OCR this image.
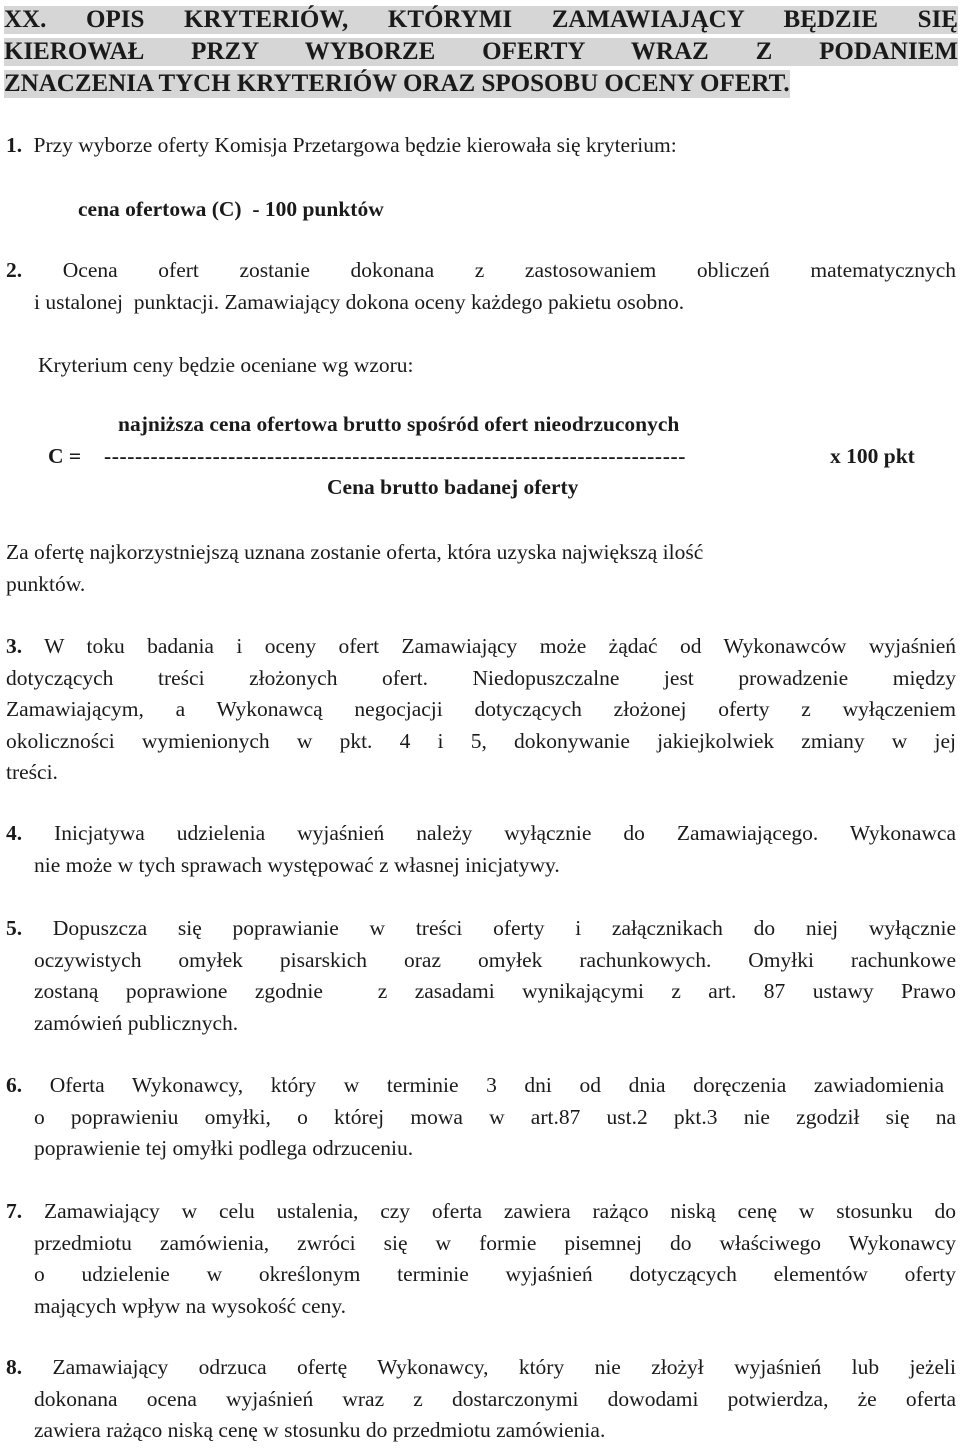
XX. OPIS KRYTERIÓW, KTÓRYMI ZAMAWIAJĄCY BĘDZIE SIĘ
KIEROWAŁ PRZY WYBORZE OFERTY WRAZ Z PODANIEM
ZNACZENIA TYCH KRYTERIÓW ORAZ SPOSOBU OCENY OFERT.
1. Przy wyborze oferty Komisja Przetargowa będzie kierowała się kryterium:
cena ofertowa (C)  - 100 punktów
2. Ocena ofert zostanie dokonana z zastosowaniem obliczeń matematycznych
i ustalonej  punktacji. Zamawiający dokona oceny każdego pakietu osobno.
Kryterium ceny będzie oceniane wg wzoru:
najniższa cena ofertowa brutto spośród ofert nieodrzuconych
C = ---------------------------------------------------------------------------	x 100 pkt
Cena brutto badanej oferty
Za ofertę najkorzystniejszą uznana zostanie oferta, która uzyska największą ilość
punktów.
3. W toku badania i oceny ofert Zamawiający może żądać od Wykonawców wyjaśnień
dotyczących treści złożonych ofert. Niedopuszczalne jest prowadzenie między
Zamawiającym, a Wykonawcą negocjacji dotyczących złożonej oferty z wyłączeniem
okoliczności wymienionych w pkt. 4 i 5, dokonywanie jakiejkolwiek zmiany w jej
treści.
4. Inicjatywa udzielenia wyjaśnień należy wyłącznie do Zamawiającego. Wykonawca
nie może w tych sprawach występować z własnej inicjatywy.
5. Dopuszcza się poprawianie w treści oferty i załącznikach do niej wyłącznie
oczywistych omyłek pisarskich oraz omyłek rachunkowych. Omyłki rachunkowe
zostaną poprawione zgodnie  z zasadami wynikającymi z art. 87 ustawy Prawo
zamówień publicznych.
6. Oferta Wykonawcy, który w terminie 3 dni od dnia doręczenia zawiadomienia
o poprawieniu omyłki, o której mowa w art.87 ust.2 pkt.3 nie zgodził się na
poprawienie tej omyłki podlega odrzuceniu.
7. Zamawiający w celu ustalenia, czy oferta zawiera rażąco niską cenę w stosunku do
przedmiotu zamówienia, zwróci się w formie pisemnej do właściwego Wykonawcy
o udzielenie w określonym terminie wyjaśnień dotyczących elementów oferty
mających wpływ na wysokość ceny.
8. Zamawiający odrzuca ofertę Wykonawcy, który nie złożył wyjaśnień lub jeżeli
dokonana ocena wyjaśnień wraz z dostarczonymi dowodami potwierdza, że oferta
zawiera rażąco niską cenę w stosunku do przedmiotu zamówienia.
